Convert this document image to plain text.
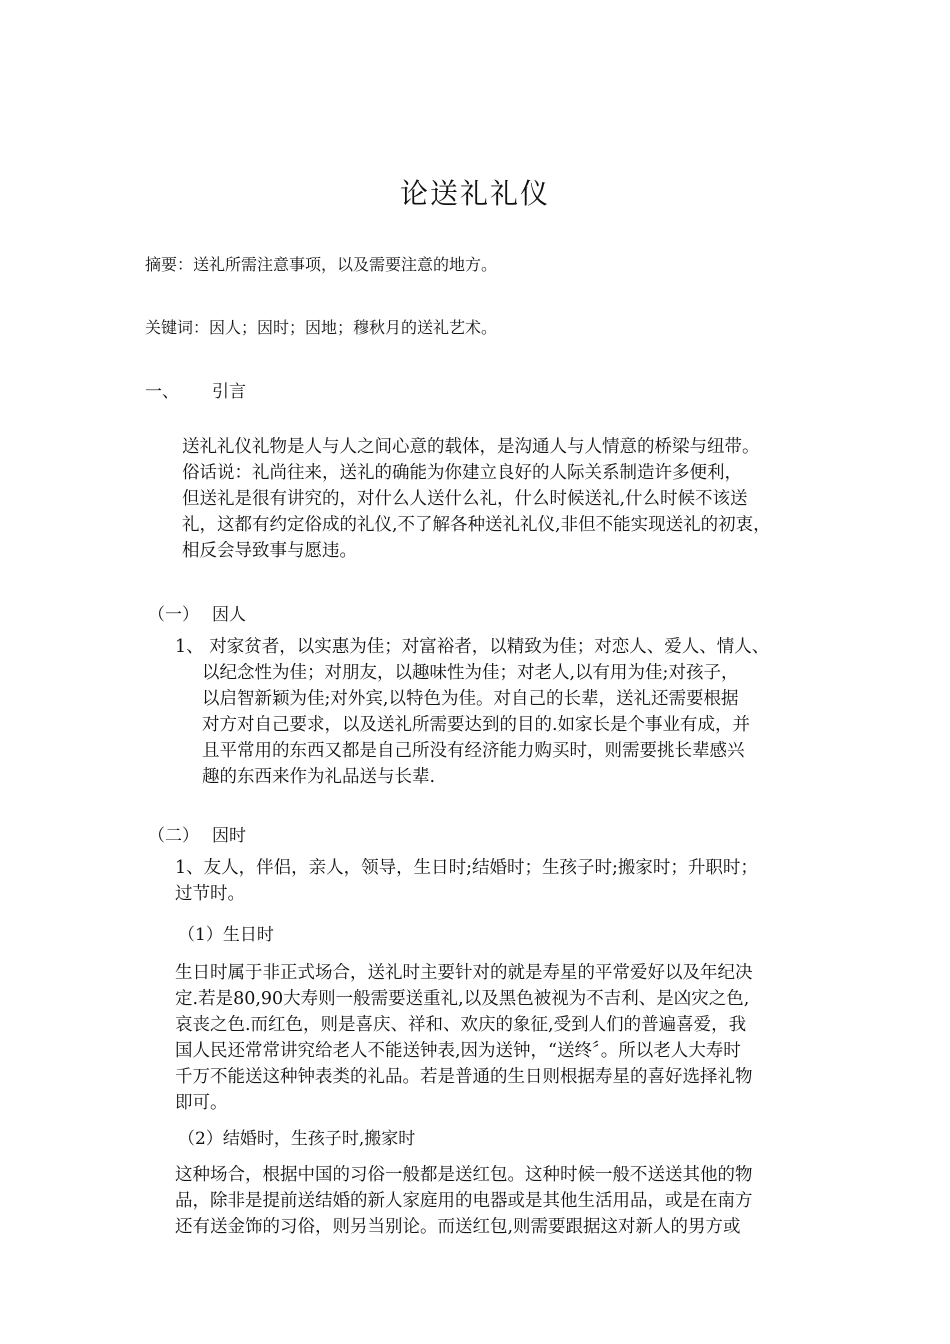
论送礼礼仪
摘要：送礼所需注意事项，以及需要注意的地方。
关键词：因人；因时；因地；穆秋月的送礼艺术。
一、 引言
送礼礼仪礼物是人与人之间心意的载体，是沟通人与人情意的桥梁与纽带。
俗话说：礼尚往来，送礼的确能为你建立良好的人际关系制造许多便利，
但送礼是很有讲究的，对什么人送什么礼，什么时候送礼,什么时候不该送
礼，这都有约定俗成的礼仪,不了解各种送礼礼仪,非但不能实现送礼的初衷，
相反会导致事与愿违。
（一） 因人
1、 对家贫者，以实惠为佳；对富裕者，以精致为佳；对恋人、爱人、情人、
以纪念性为佳；对朋友，以趣味性为佳；对老人,以有用为佳;对孩子，
以启智新颖为佳;对外宾,以特色为佳。对自己的长辈，送礼还需要根据
对方对自己要求，以及送礼所需要达到的目的.如家长是个事业有成，并
且平常用的东西又都是自己所没有经济能力购买时，则需要挑长辈感兴
趣的东西来作为礼品送与长辈.
（二） 因时
1、友人，伴侣，亲人，领导，生日时;结婚时；生孩子时;搬家时；升职时；
过节时。
（1）生日时
生日时属于非正式场合，送礼时主要针对的就是寿星的平常爱好以及年纪决
定.若是80,90大寿则一般需要送重礼,以及黑色被视为不吉利、是凶灾之色,
哀丧之色.而红色，则是喜庆、祥和、欢庆的象征,受到人们的普遍喜爱，我
国人民还常常讲究给老人不能送钟表,因为送钟，“送终〞。所以老人大寿时
千万不能送这种钟表类的礼品。若是普通的生日则根据寿星的喜好选择礼物
即可。
（2）结婚时，生孩子时,搬家时
这种场合，根据中国的习俗一般都是送红包。这种时候一般不送送其他的物
品，除非是提前送结婚的新人家庭用的电器或是其他生活用品，或是在南方
还有送金饰的习俗，则另当别论。而送红包,则需要跟据这对新人的男方或
